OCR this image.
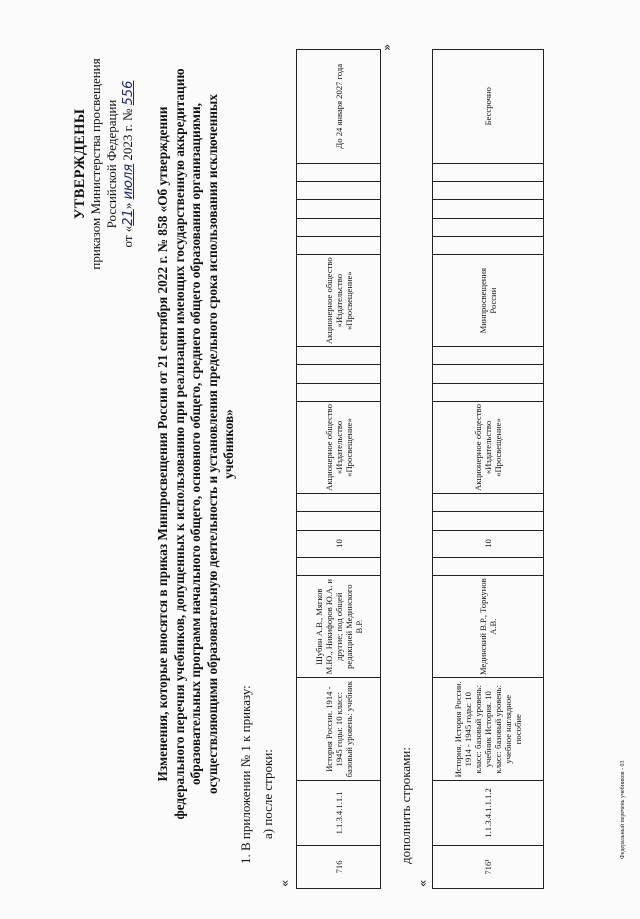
УТВЕРЖДЕНЫ приказом Министерства просвещения Российской Федерации
от «21» июля 2023 г. № 556
Изменения, которые вносятся в приказ Минпросвещения России от 21 сентября 2022 г. № 858 «Об утверждении федерального перечня учебников, допущенных к использованию при реализации имеющих государственную аккредитацию образовательных программ начального общего, основного общего, среднего общего образования организациями, осуществляющими образовательную деятельность и установления предельного срока использования исключенных учебников»
1. В приложении № 1 к приказу: а) после строки:
«
716	1.1.3.4.1.1.1	История России. 1914 - 1945 годы: 10 класс: базовый уровень: учебник	Шубин А.В., Мягков М.Ю., Никифоров Ю.А. и другие; под общей редакцией Мединского В.Р.		10			Акционерное общество «Издательство «Просвещение»				Акционерное общество «Издательство «Просвещение»						До 24 января 2027 года
»
дополнить строками:
«
716¹	1.1.3.4.1.1.1.2	История. История России. 1914 - 1945 годы: 10 класс: базовый уровень: учебник История. 10 класс: базовый уровень: учебное наглядное пособие	Мединский В.Р., Торкунов А.В.		10			Акционерное общество «Издательство «Просвещение»				Минпросвещения России						Бессрочно
Федеральный перечень учебников - 03
